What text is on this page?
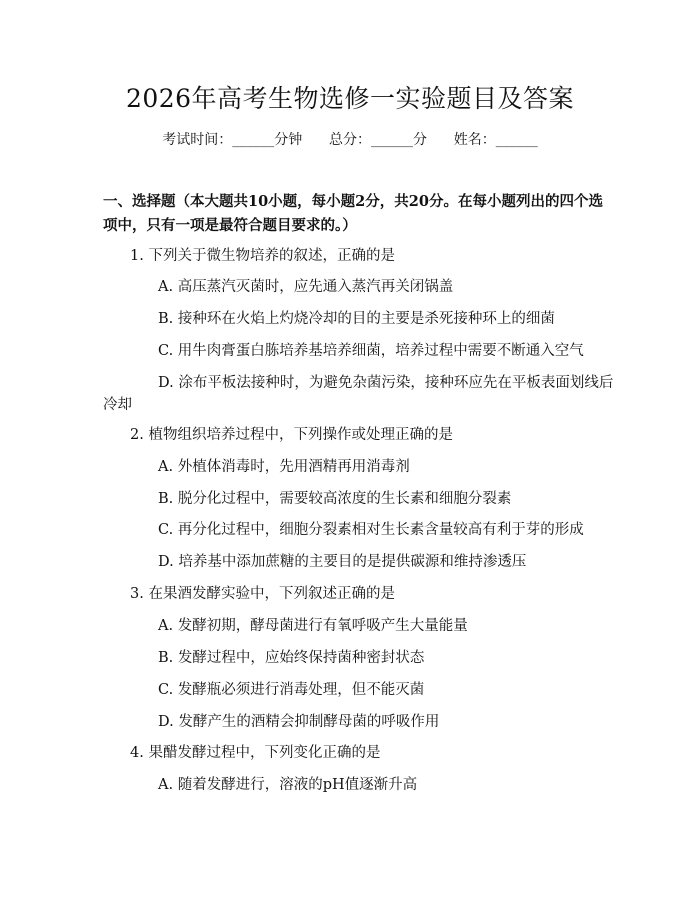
2026年高考生物选修一实验题目及答案
考试时间：______分钟      总分：______分      姓名：______
一、选择题（本大题共10小题，每小题2分，共20分。在每小题列出的四个选
项中，只有一项是最符合题目要求的。）
1. 下列关于微生物培养的叙述，正确的是
A. 高压蒸汽灭菌时，应先通入蒸汽再关闭锅盖
B. 接种环在火焰上灼烧冷却的目的主要是杀死接种环上的细菌
C. 用牛肉膏蛋白胨培养基培养细菌，培养过程中需要不断通入空气
D. 涂布平板法接种时，为避免杂菌污染，接种环应先在平板表面划线后
冷却
2. 植物组织培养过程中，下列操作或处理正确的是
A. 外植体消毒时，先用酒精再用消毒剂
B. 脱分化过程中，需要较高浓度的生长素和细胞分裂素
C. 再分化过程中，细胞分裂素相对生长素含量较高有利于芽的形成
D. 培养基中添加蔗糖的主要目的是提供碳源和维持渗透压
3. 在果酒发酵实验中，下列叙述正确的是
A. 发酵初期，酵母菌进行有氧呼吸产生大量能量
B. 发酵过程中，应始终保持菌种密封状态
C. 发酵瓶必须进行消毒处理，但不能灭菌
D. 发酵产生的酒精会抑制酵母菌的呼吸作用
4. 果醋发酵过程中，下列变化正确的是
A. 随着发酵进行，溶液的pH值逐渐升高
